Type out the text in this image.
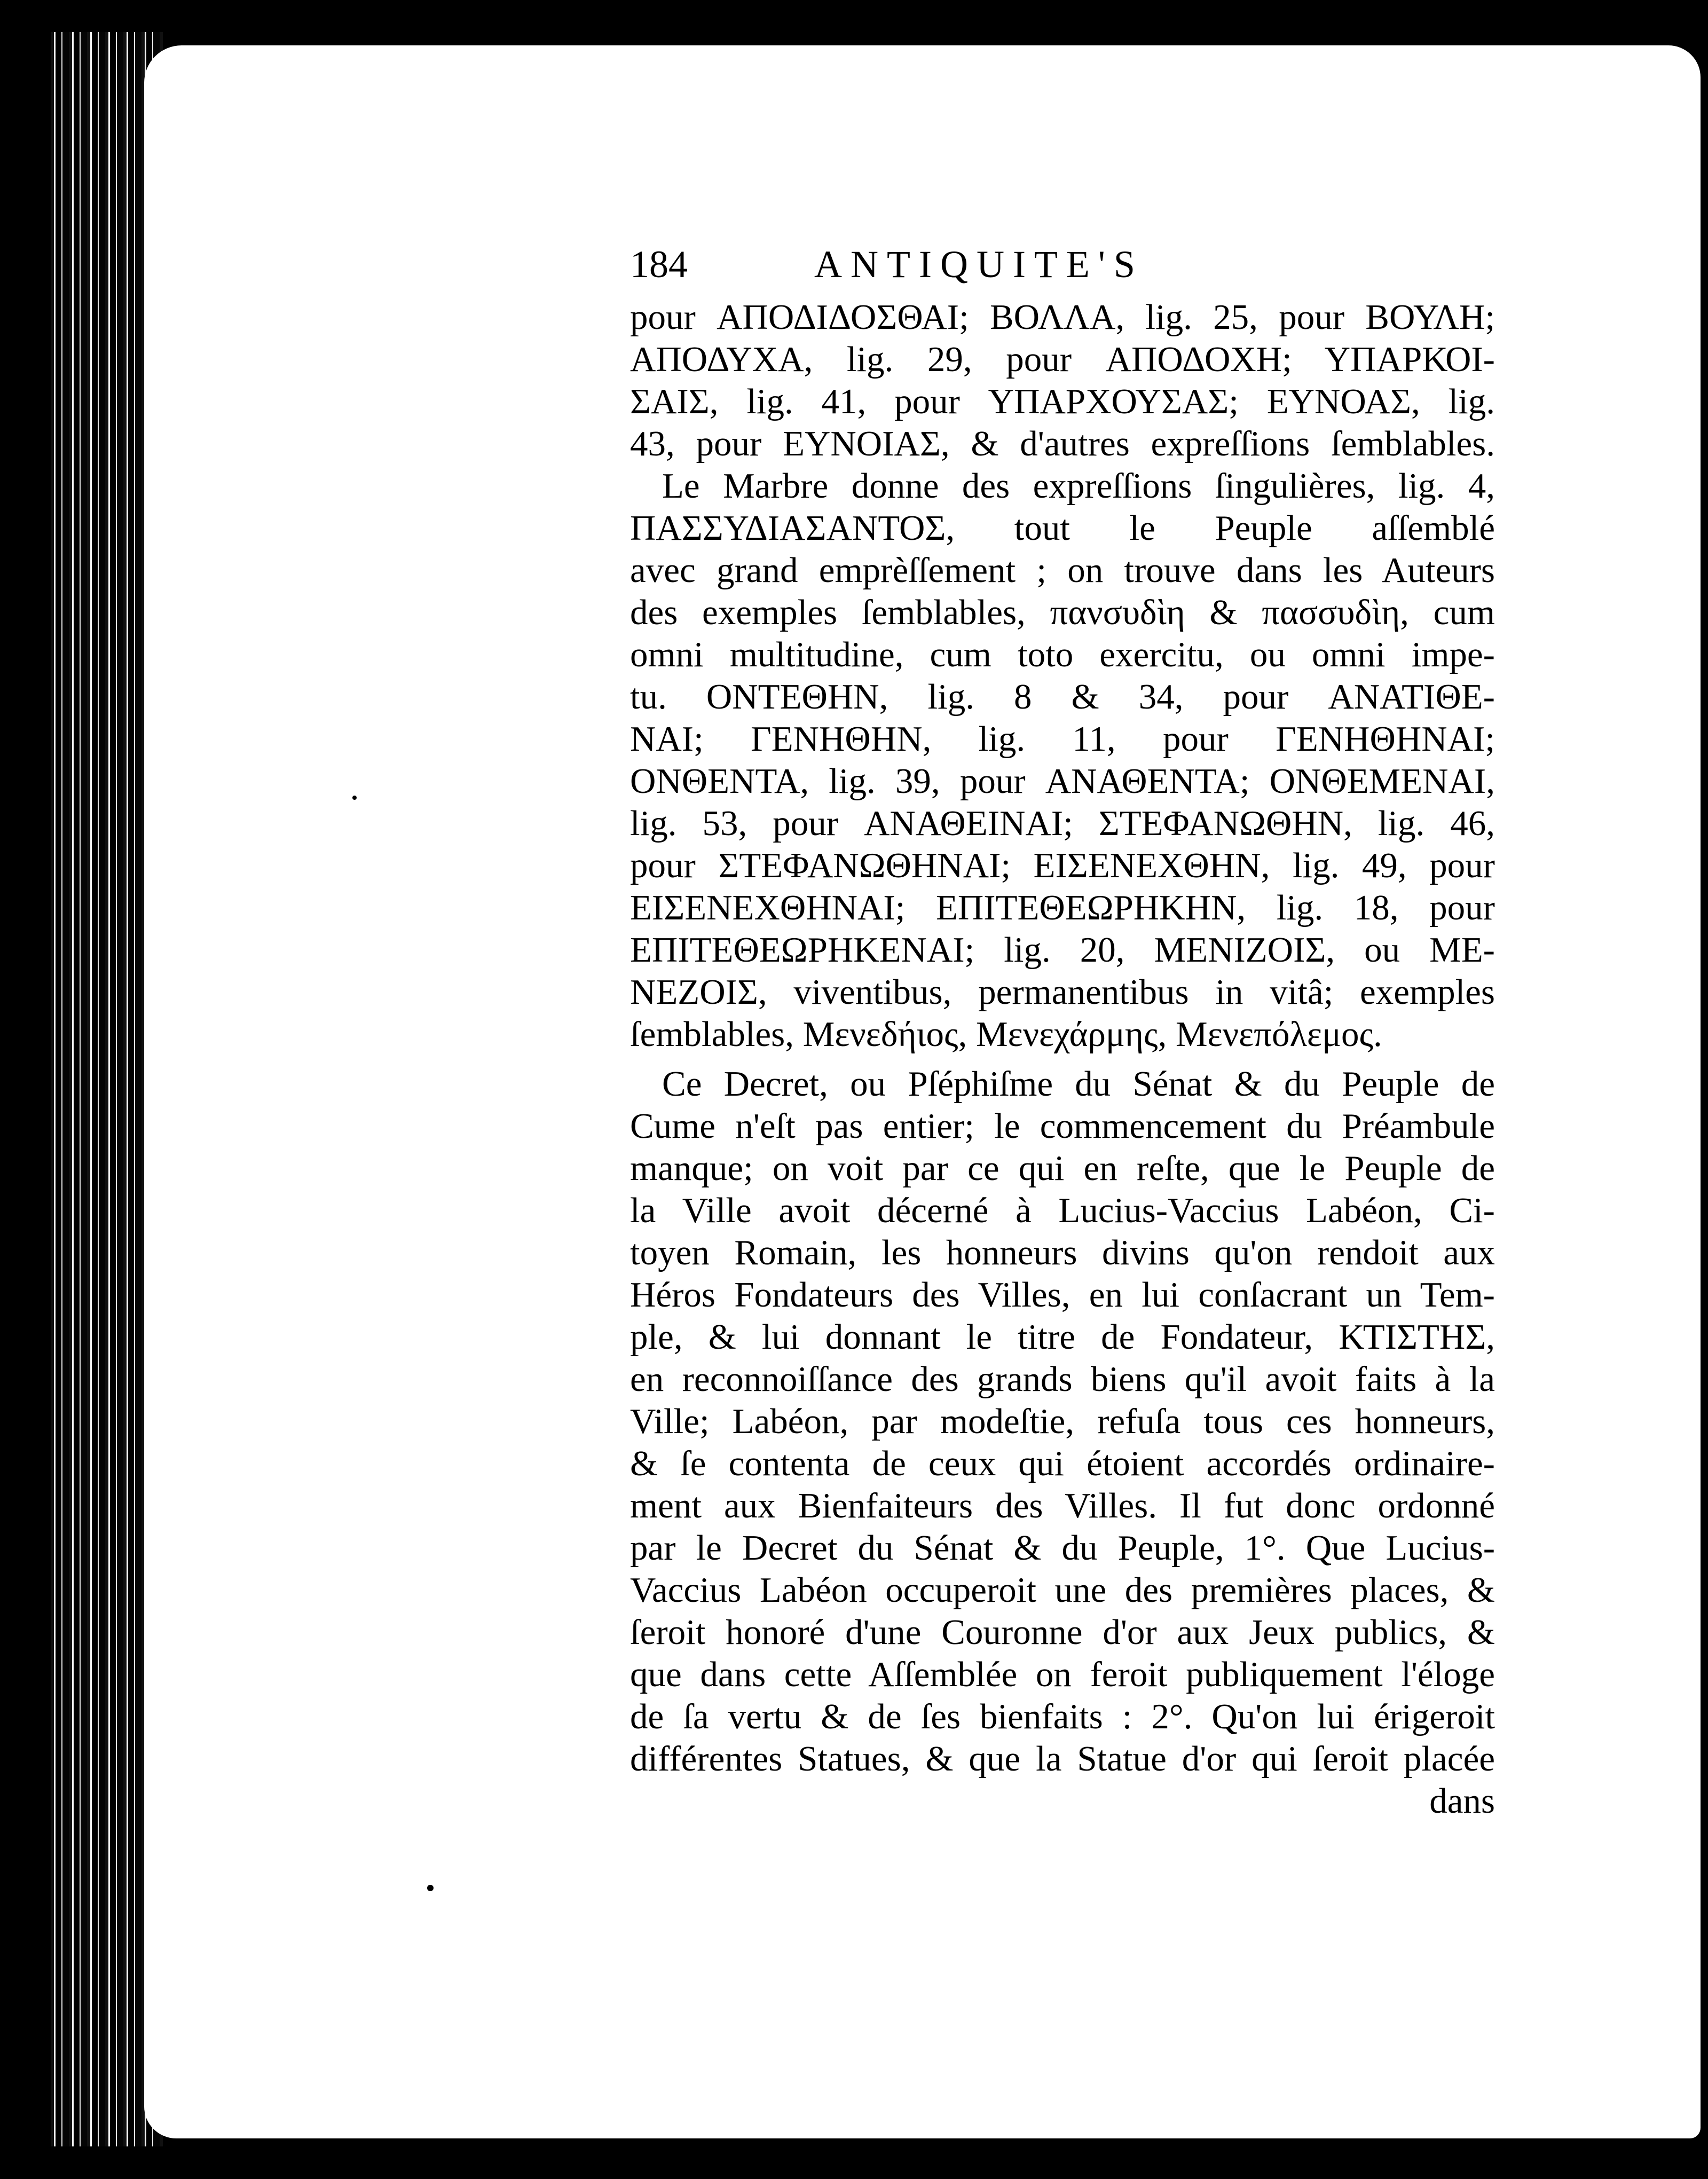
184	ANTIQUITE'S
pour ΑΠΟΔΙΔΟΣΘΑΙ; ΒΟΛΛΑ, lig. 25, pour ΒΟΥΛΗ;
ΑΠΟΔΥΧΑ, lig. 29, pour ΑΠΟΔΟΧΗ; ΥΠΑΡΚΟΙ-
ΣΑΙΣ, lig. 41, pour ΥΠΑΡΧΟΥΣΑΣ; ΕΥΝΟΑΣ, lig.
43, pour ΕΥΝΟΙΑΣ, & d'autres expreſſions ſemblables.
Le Marbre donne des expreſſions ſingulières, lig. 4,
ΠΑΣΣΥΔΙΑΣΑΝΤΟΣ, tout le Peuple aſſemblé
avec grand emprèſſement ; on trouve dans les Auteurs
des exemples ſemblables, πανσυδὶη & πασσυδὶη, cum
omni multitudine, cum toto exercitu, ou omni impe-
tu. ΟΝΤΕΘΗΝ, lig. 8 & 34, pour ΑΝΑΤΙΘΕ-
ΝΑΙ; ΓΕΝΗΘΗΝ, lig. 11, pour ΓΕΝΗΘΗΝΑΙ;
ΟΝΘΕΝΤΑ, lig. 39, pour ΑΝΑΘΕΝΤΑ; ΟΝΘΕΜΕΝΑΙ,
lig. 53, pour ΑΝΑΘΕΙΝΑΙ; ΣΤΕΦΑΝΩΘΗΝ, lig. 46,
pour ΣΤΕΦΑΝΩΘΗΝΑΙ; ΕΙΣΕΝΕΧΘΗΝ, lig. 49, pour
ΕΙΣΕΝΕΧΘΗΝΑΙ; ΕΠΙΤΕΘΕΩΡΗΚΗΝ, lig. 18, pour
ΕΠΙΤΕΘΕΩΡΗΚΕΝΑΙ; lig. 20, ΜΕΝΙΖΟΙΣ, ou ΜΕ-
ΝΕΖΟΙΣ, viventibus, permanentibus in vitâ; exemples
ſemblables, Μενεδήιος, Μενεχάρμης, Μενεπόλεμος.
Ce Decret, ou Pſéphiſme du Sénat & du Peuple de
Cume n'eſt pas entier; le commencement du Préambule
manque; on voit par ce qui en reſte, que le Peuple de
la Ville avoit décerné à Lucius-Vaccius Labéon, Ci-
toyen Romain, les honneurs divins qu'on rendoit aux
Héros Fondateurs des Villes, en lui conſacrant un Tem-
ple, & lui donnant le titre de Fondateur, ΚΤΙΣΤΗΣ,
en reconnoiſſance des grands biens qu'il avoit faits à la
Ville; Labéon, par modeſtie, refuſa tous ces honneurs,
& ſe contenta de ceux qui étoient accordés ordinaire-
ment aux Bienfaiteurs des Villes. Il fut donc ordonné
par le Decret du Sénat & du Peuple, 1°. Que Lucius-
Vaccius Labéon occuperoit une des premières places, &
ſeroit honoré d'une Couronne d'or aux Jeux publics, &
que dans cette Aſſemblée on feroit publiquement l'éloge
de ſa vertu & de ſes bienfaits : 2°. Qu'on lui érigeroit
différentes Statues, & que la Statue d'or qui ſeroit placée
dans
